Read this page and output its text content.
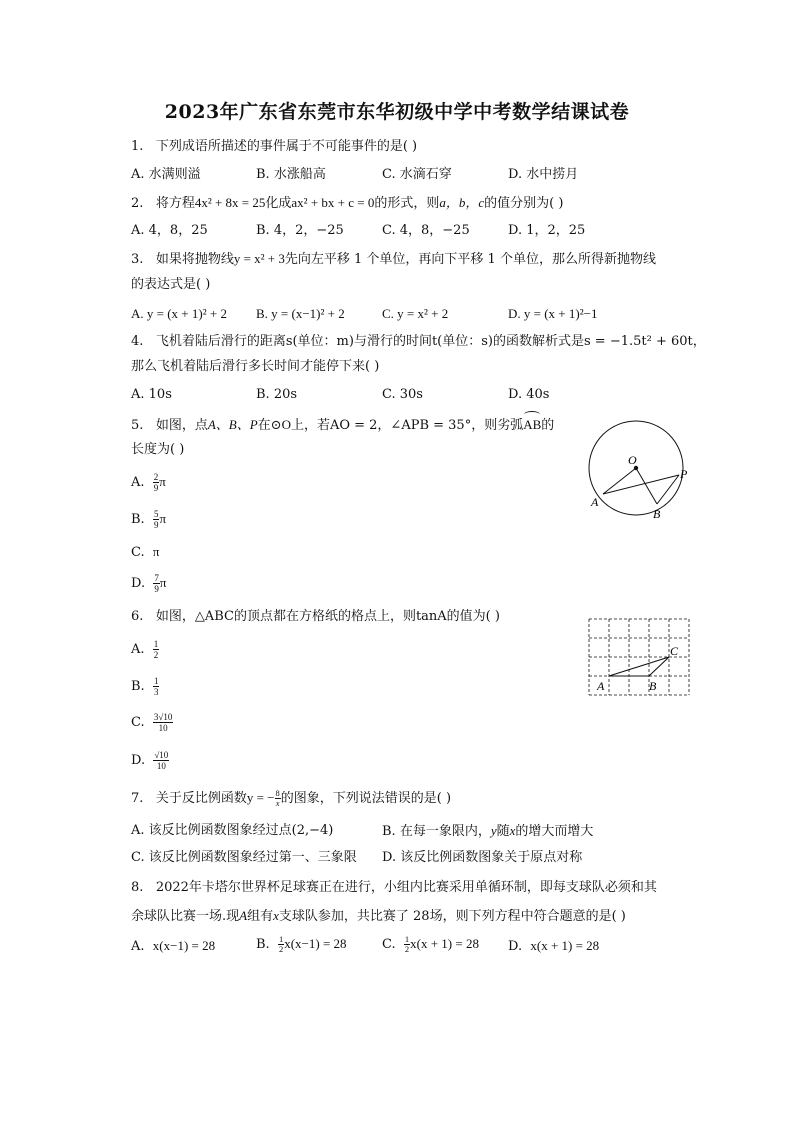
2023年广东省东莞市东华初级中学中考数学结课试卷
1. 下列成语所描述的事件属于不可能事件的是( )
A. 水满则溢	B. 水涨船高	C. 水滴石穿	D. 水中捞月
2. 将方程4x² + 8x = 25化成ax² + bx + c = 0的形式，则a，b，c的值分别为( )
A. 4，8，25	B. 4，2，−25	C. 4，8，−25	D. 1，2，25
3. 如果将抛物线y = x² + 3先向左平移 1 个单位，再向下平移 1 个单位，那么所得新抛物线
的表达式是( )
A. y = (x + 1)² + 2 B. y = (x−1)² + 2	C. y = x² + 2	D. y = (x + 1)²−1
4. 飞机着陆后滑行的距离s(单位：m)与滑行的时间t(单位：s)的函数解析式是s = −1.5t² + 60t，
那么飞机着陆后滑行多长时间才能停下来( )
A. 10s	B. 20s	C. 30s	D. 40s
5. 如图，点A、B、P在⊙O上，若AO = 2，∠APB = 35°，则劣弧AB的
长度为( )
A. $\frac{2}{9}$ π
B. $\frac{5}{9}$ π
C. π
D. $\frac{7}{9}$ π
O
A
B
P
6. 如图，△ABC的顶点都在方格纸的格点上，则tanA的值为( )
A. $\frac{1}{2}$
B. $\frac{1}{3}$
C. $\frac{3√10}{10}$
D. $\frac{√10}{10}$
A	B
C
7. 关于反比例函数y = − $\frac{8}{x}$ 的图象，下列说法错误的是( )
A. 该反比例函数图象经过点(2,−4)	B. 在每一象限内，y随x的增大而增大
C. 该反比例函数图象经过第一、三象限 D. 该反比例函数图象关于原点对称
8. 2022年卡塔尔世界杯足球赛正在进行，小组内比赛采用单循环制，即每支球队必须和其
余球队比赛一场.现A组有x支球队参加，共比赛了 28场，则下列方程中符合题意的是( )
A. x(x−1) = 28	B. $\frac{1}{2} x(x-1) = 28$	C. $\frac{1}{2} x(x + 1) = 28$ D. x(x + 1) = 28
